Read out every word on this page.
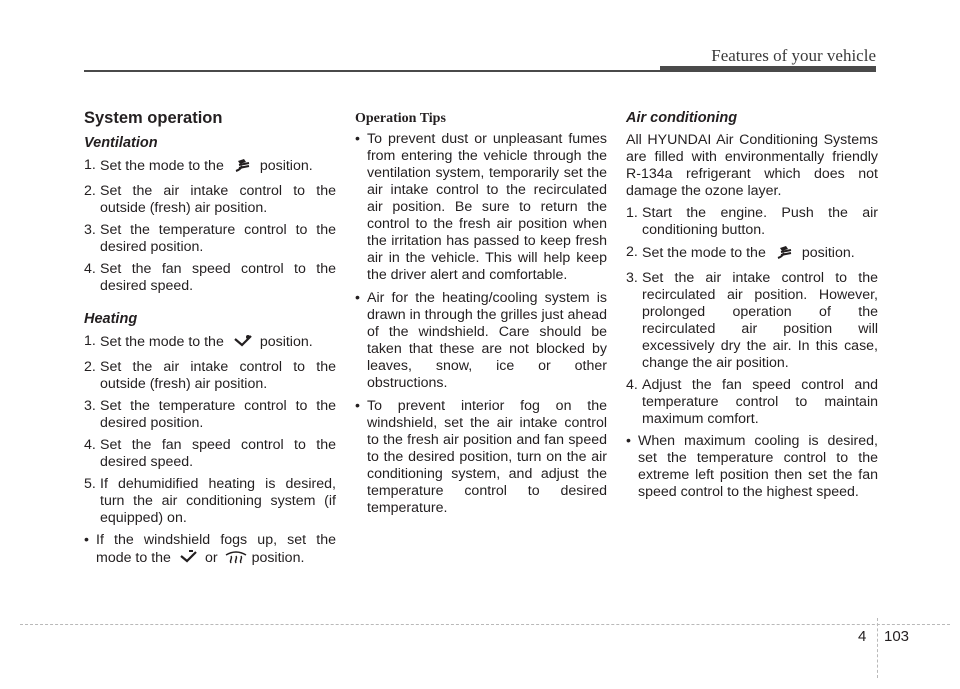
Features of your vehicle
System operation
Ventilation
1. Set the mode to the	position.
2. Set the air intake control to the outside (fresh) air position.
3. Set the temperature control to the desired position.
4. Set the fan speed control to the desired speed.
Heating
1. Set the mode to the	position.
2. Set the air intake control to the outside (fresh) air position.
3. Set the temperature control to the desired position.
4. Set the fan speed control to the desired speed.
5. If dehumidified heating is desired, turn the air conditioning system (if equipped) on.
• If the windshield fogs up, set the mode to the or position.
Operation Tips
• To prevent dust or unpleasant fumes from entering the vehicle through the ventilation system, temporarily set the air intake control to the recirculated air position. Be sure to return the control to the fresh air position when the irritation has passed to keep fresh air in the vehicle. This will help keep the driver alert and comfortable.
• Air for the heating/cooling system is drawn in through the grilles just ahead of the windshield. Care should be taken that these are not blocked by leaves, snow, ice or other obstructions.
• To prevent interior fog on the windshield, set the air intake control to the fresh air position and fan speed to the desired position, turn on the air conditioning system, and adjust the temperature control to desired temperature.
Air conditioning

All HYUNDAI Air Conditioning Systems are filled with environmentally friendly R-134a refrigerant which does not damage the ozone layer.

1. Start the engine. Push the air conditioning button.
2. Set the mode to the	position.
3. Set the air intake control to the recirculated air position. However, prolonged operation of the recirculated air position will excessively dry the air. In this case, change the air position.
4. Adjust the fan speed control and temperature control to maintain maximum comfort.
• When maximum cooling is desired, set the temperature control to the extreme left position then set the fan speed control to the highest speed.
4 103
